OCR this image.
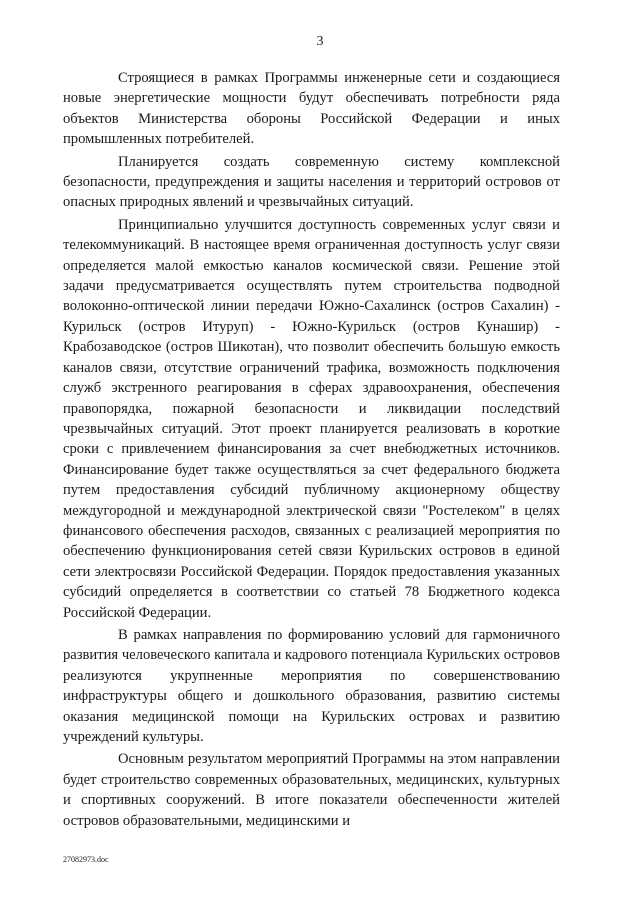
3

Строящиеся в рамках Программы инженерные сети и создающиеся новые энергетические мощности будут обеспечивать потребности ряда объектов Министерства обороны Российской Федерации и иных промышленных потребителей.

Планируется создать современную систему комплексной безопасности, предупреждения и защиты населения и территорий островов от опасных природных явлений и чрезвычайных ситуаций.

Принципиально улучшится доступность современных услуг связи и телекоммуникаций. В настоящее время ограниченная доступность услуг связи определяется малой емкостью каналов космической связи. Решение этой задачи предусматривается осуществлять путем строительства подводной волоконно-оптической линии передачи Южно-Сахалинск (остров Сахалин) - Курильск (остров Итуруп) - Южно-Курильск (остров Кунашир) - Крабозаводское (остров Шикотан), что позволит обеспечить большую емкость каналов связи, отсутствие ограничений трафика, возможность подключения служб экстренного реагирования в сферах здравоохранения, обеспечения правопорядка, пожарной безопасности и ликвидации последствий чрезвычайных ситуаций. Этот проект планируется реализовать в короткие сроки с привлечением финансирования за счет внебюджетных источников. Финансирование будет также осуществляться за счет федерального бюджета путем предоставления субсидий публичному акционерному обществу междугородной и международной электрической связи "Ростелеком" в целях финансового обеспечения расходов, связанных с реализацией мероприятия по обеспечению функционирования сетей связи Курильских островов в единой сети электросвязи Российской Федерации. Порядок предоставления указанных субсидий определяется в соответствии со статьей 78 Бюджетного кодекса Российской Федерации.

В рамках направления по формированию условий для гармоничного развития человеческого капитала и кадрового потенциала Курильских островов реализуются укрупненные мероприятия по совершенствованию инфраструктуры общего и дошкольного образования, развитию системы оказания медицинской помощи на Курильских островах и развитию учреждений культуры.

Основным результатом мероприятий Программы на этом направлении будет строительство современных образовательных, медицинских, культурных и спортивных сооружений. В итоге показатели обеспеченности жителей островов образовательными, медицинскими и

27082973.doc
